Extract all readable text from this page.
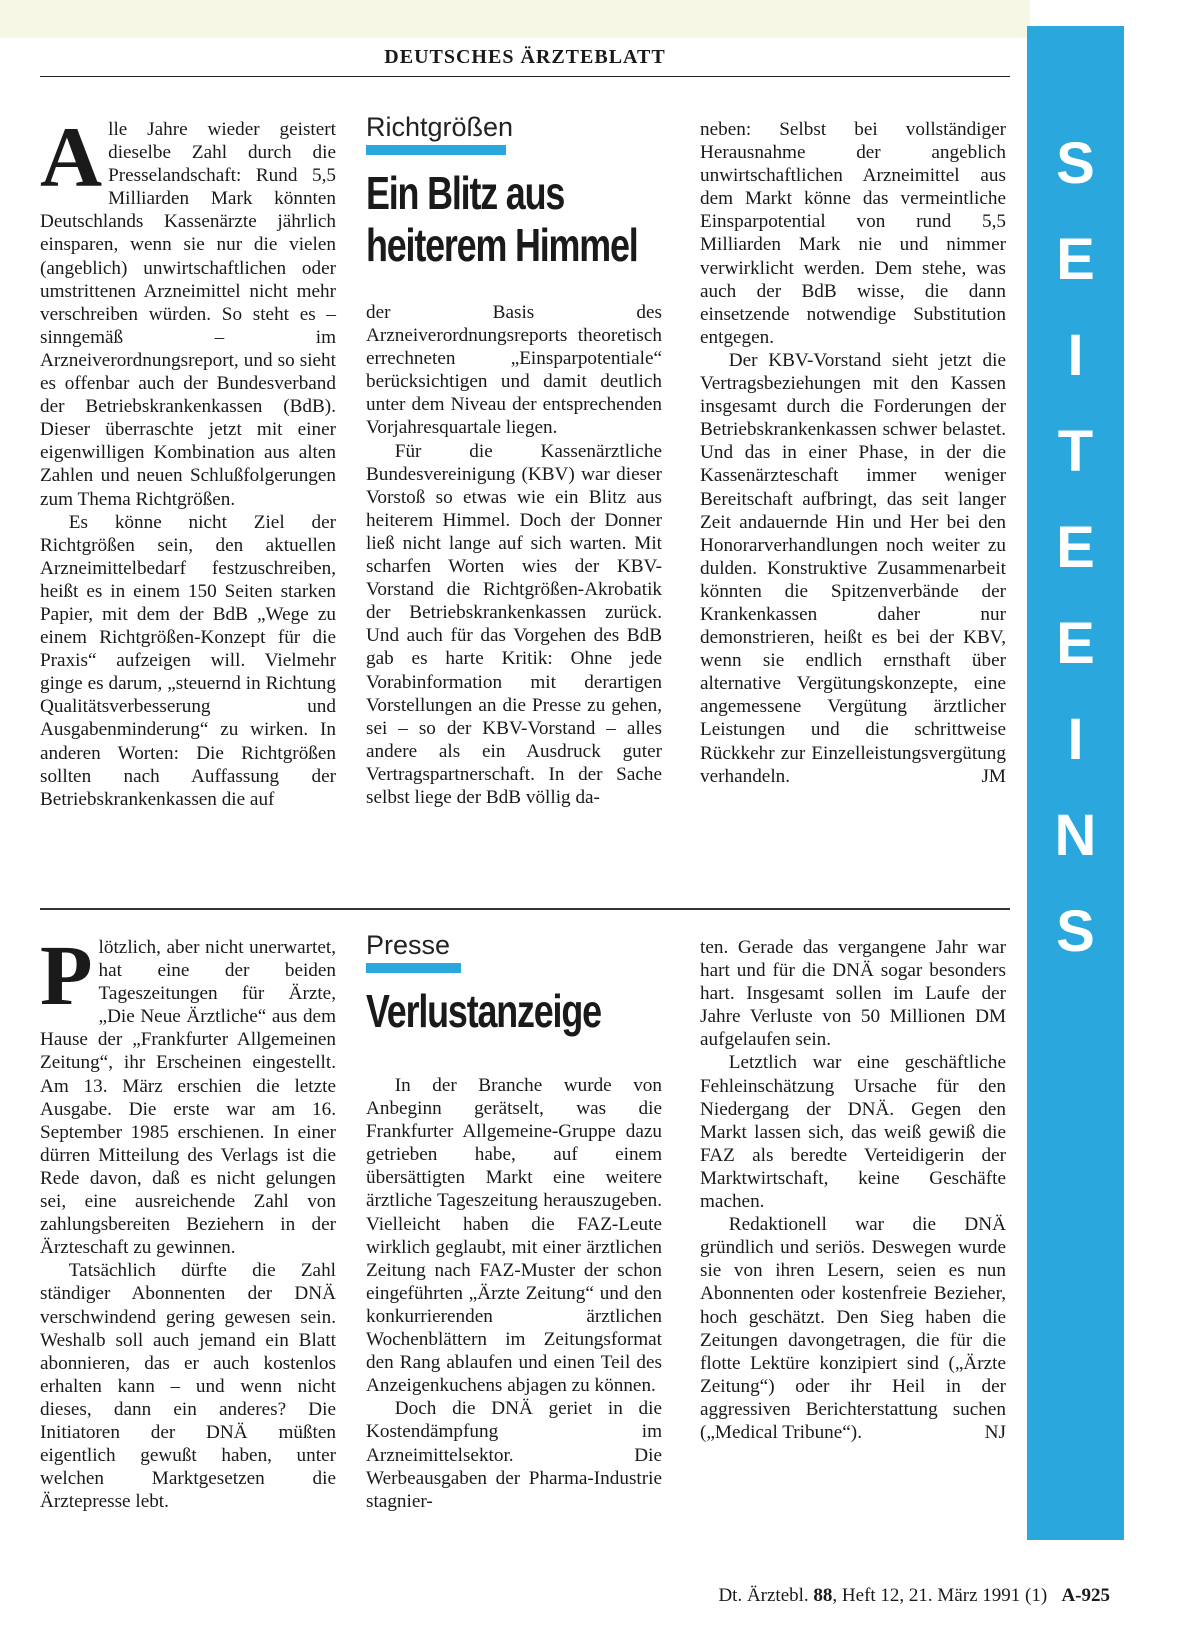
DEUTSCHES ÄRZTEBLATT

Alle Jahre wieder geistert dieselbe Zahl durch die Presselandschaft: Rund 5,5 Milliarden Mark könnten Deutschlands Kassenärzte jährlich einsparen, wenn sie nur die vielen (angeblich) unwirtschaftlichen oder umstrittenen Arzneimittel nicht mehr verschreiben würden. So steht es – sinngemäß – im Arzneiverordnungsreport, und so sieht es offenbar auch der Bundesverband der Betriebskrankenkassen (BdB). Dieser überraschte jetzt mit einer eigenwilligen Kombination aus alten Zahlen und neuen Schlußfolgerungen zum Thema Richtgrößen.

Es könne nicht Ziel der Richtgrößen sein, den aktuellen Arzneimittelbedarf festzuschreiben, heißt es in einem 150 Seiten starken Papier, mit dem der BdB „Wege zu einem Richtgrößen-Konzept für die Praxis“ aufzeigen will. Vielmehr ginge es darum, „steuernd in Richtung Qualitätsverbesserung und Ausgabenminderung“ zu wirken. In anderen Worten: Die Richtgrößen sollten nach Auffassung der Betriebskrankenkassen die auf

Richtgrößen
Ein Blitz aus
heiterem Himmel

der Basis des Arzneiverordnungsreports theoretisch errechneten „Einsparpotentiale“ berücksichtigen und damit deutlich unter dem Niveau der entsprechenden Vorjahresquartale liegen.

Für die Kassenärztliche Bundesvereinigung (KBV) war dieser Vorstoß so etwas wie ein Blitz aus heiterem Himmel. Doch der Donner ließ nicht lange auf sich warten. Mit scharfen Worten wies der KBV-Vorstand die Richtgrößen-Akrobatik der Betriebskrankenkassen zurück. Und auch für das Vorgehen des BdB gab es harte Kritik: Ohne jede Vorabinformation mit derartigen Vorstellungen an die Presse zu gehen, sei – so der KBV-Vorstand – alles andere als ein Ausdruck guter Vertragspartnerschaft. In der Sache selbst liege der BdB völlig da-

neben: Selbst bei vollständiger Herausnahme der angeblich unwirtschaftlichen Arzneimittel aus dem Markt könne das vermeintliche Einsparpotential von rund 5,5 Milliarden Mark nie und nimmer verwirklicht werden. Dem stehe, was auch der BdB wisse, die dann einsetzende notwendige Substitution entgegen.

Der KBV-Vorstand sieht jetzt die Vertragsbeziehungen mit den Kassen insgesamt durch die Forderungen der Betriebskrankenkassen schwer belastet. Und das in einer Phase, in der die Kassenärzteschaft immer weniger Bereitschaft aufbringt, das seit langer Zeit andauernde Hin und Her bei den Honorarverhandlungen noch weiter zu dulden. Konstruktive Zusammenarbeit könnten die Spitzenverbände der Krankenkassen daher nur demonstrieren, heißt es bei der KBV, wenn sie endlich ernsthaft über alternative Vergütungskonzepte, eine angemessene Vergütung ärztlicher Leistungen und die schrittweise Rückkehr zur Einzelleistungsvergütung verhandeln.	JM

Plötzlich, aber nicht unerwartet, hat eine der beiden Tageszeitungen für Ärzte, „Die Neue Ärztliche“ aus dem Hause der „Frankfurter Allgemeinen Zeitung“, ihr Erscheinen eingestellt. Am 13. März erschien die letzte Ausgabe. Die erste war am 16. September 1985 erschienen. In einer dürren Mitteilung des Verlags ist die Rede davon, daß es nicht gelungen sei, eine ausreichende Zahl von zahlungsbereiten Beziehern in der Ärzteschaft zu gewinnen.

Tatsächlich dürfte die Zahl ständiger Abonnenten der DNÄ verschwindend gering gewesen sein. Weshalb soll auch jemand ein Blatt abonnieren, das er auch kostenlos erhalten kann – und wenn nicht dieses, dann ein anderes? Die Initiatoren der DNÄ müßten eigentlich gewußt haben, unter welchen Marktgesetzen die Ärztepresse lebt.

Presse
Verlustanzeige

In der Branche wurde von Anbeginn gerätselt, was die Frankfurter Allgemeine-Gruppe dazu getrieben habe, auf einem übersättigten Markt eine weitere ärztliche Tageszeitung herauszugeben. Vielleicht haben die FAZ-Leute wirklich geglaubt, mit einer ärztlichen Zeitung nach FAZ-Muster der schon eingeführten „Ärzte Zeitung“ und den konkurrierenden ärztlichen Wochenblättern im Zeitungsformat den Rang ablaufen und einen Teil des Anzeigenkuchens abjagen zu können.

Doch die DNÄ geriet in die Kostendämpfung im Arzneimittelsektor. Die Werbeausgaben der Pharma-Industrie stagnier-

ten. Gerade das vergangene Jahr war hart und für die DNÄ sogar besonders hart. Insgesamt sollen im Laufe der Jahre Verluste von 50 Millionen DM aufgelaufen sein.

Letztlich war eine geschäftliche Fehleinschätzung Ursache für den Niedergang der DNÄ. Gegen den Markt lassen sich, das weiß gewiß die FAZ als beredte Verteidigerin der Marktwirtschaft, keine Geschäfte machen.

Redaktionell war die DNÄ gründlich und seriös. Deswegen wurde sie von ihren Lesern, seien es nun Abonnenten oder kostenfreie Bezieher, hoch geschätzt. Den Sieg haben die Zeitungen davongetragen, die für die flotte Lektüre konzipiert sind („Ärzte Zeitung“) oder ihr Heil in der aggressiven Berichterstattung suchen („Medical Tribune“).	NJ

S
E
I
T
E
E
I
N
S
Dt. Ärztebl. 88, Heft 12, 21. März 1991 (1) A-925
